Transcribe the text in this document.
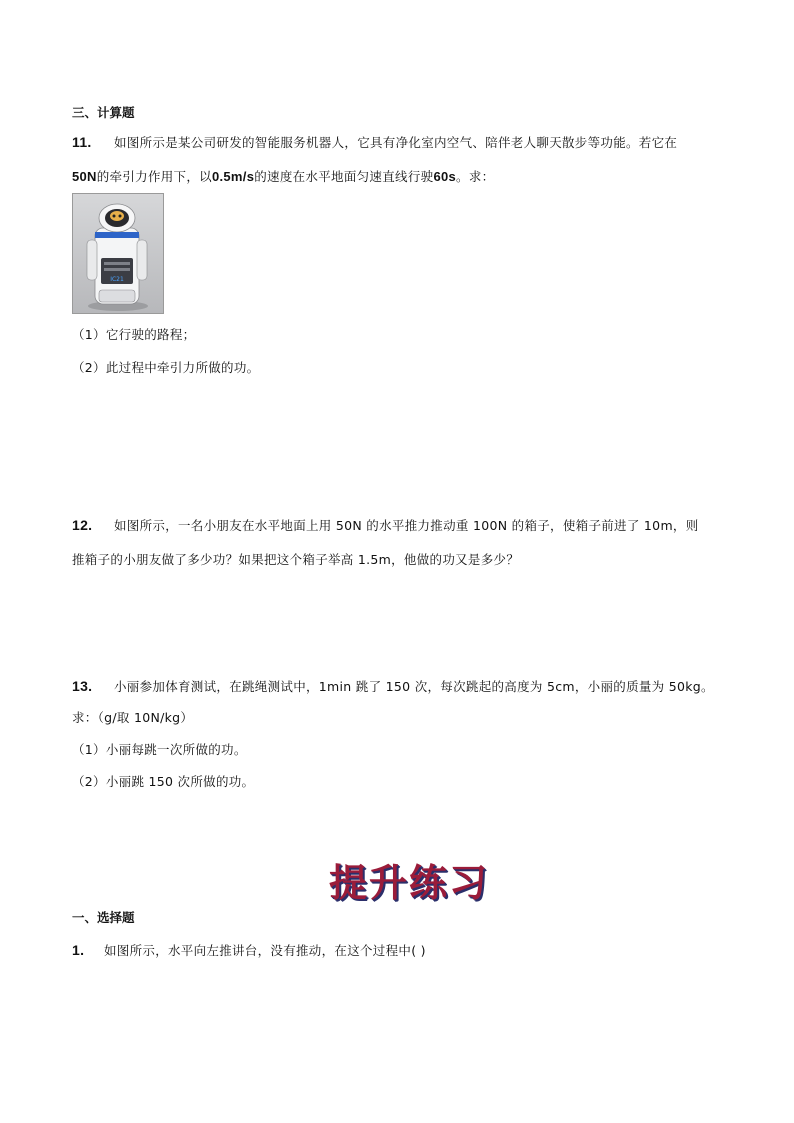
三、计算题
11. 如图所示是某公司研发的智能服务机器人，它具有净化室内空气、陪伴老人聊天散步等功能。若它在
50N的牵引力作用下，以0.5m/s的速度在水平地面匀速直线行驶60s。求：
IC21
（1）它行驶的路程；
（2）此过程中牵引力所做的功。
12. 如图所示，一名小朋友在水平地面上用 50N 的水平推力推动重 100N 的箱子，使箱子前进了 10m，则
推箱子的小朋友做了多少功？如果把这个箱子举高 1.5m，他做的功又是多少？
13. 小丽参加体育测试，在跳绳测试中，1min 跳了 150 次，每次跳起的高度为 5cm，小丽的质量为 50kg。
求：（g/取 10N/kg）
（1）小丽每跳一次所做的功。
（2）小丽跳 150 次所做的功。
提升练习
一、选择题
1. 如图所示，水平向左推讲台，没有推动，在这个过程中( )
